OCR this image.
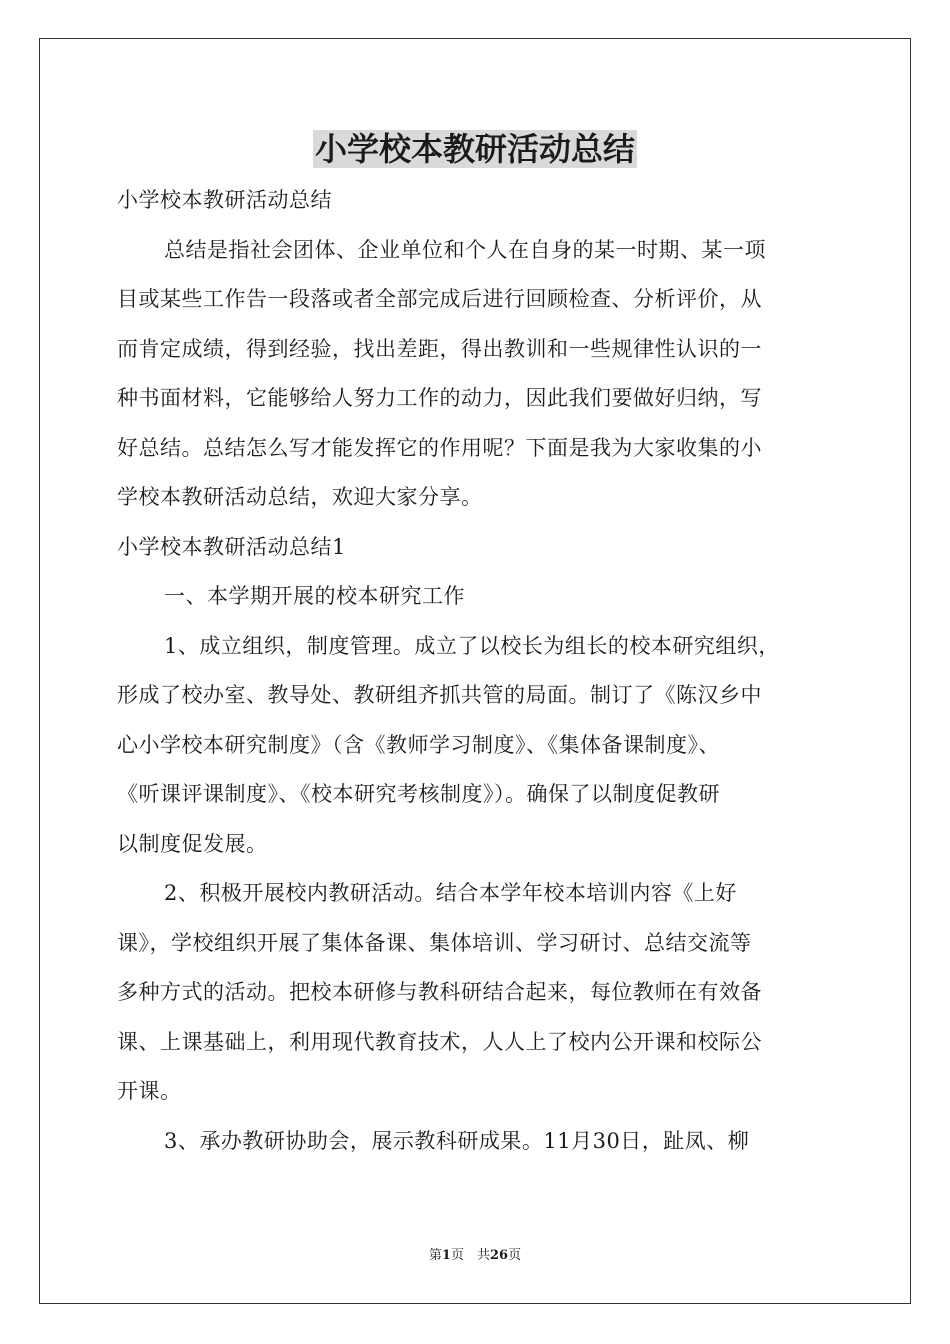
小学校本教研活动总结
小学校本教研活动总结
总结是指社会团体、企业单位和个人在自身的某一时期、某一项
目或某些工作告一段落或者全部完成后进行回顾检查、分析评价，从
而肯定成绩，得到经验，找出差距，得出教训和一些规律性认识的一
种书面材料，它能够给人努力工作的动力，因此我们要做好归纳，写
好总结。总结怎么写才能发挥它的作用呢？下面是我为大家收集的小
学校本教研活动总结，欢迎大家分享。
小学校本教研活动总结1
一、本学期开展的校本研究工作
1、成立组织，制度管理。成立了以校长为组长的校本研究组织，
形成了校办室、教导处、教研组齐抓共管的局面。制订了《陈汉乡中
心小学校本研究制度》（含《教师学习制度》、《集体备课制度》、
《听课评课制度》、《校本研究考核制度》）。确保了以制度促教研
以制度促发展。
2、积极开展校内教研活动。结合本学年校本培训内容《上好
课》，学校组织开展了集体备课、集体培训、学习研讨、总结交流等
多种方式的活动。把校本研修与教科研结合起来，每位教师在有效备
课、上课基础上，利用现代教育技术，人人上了校内公开课和校际公
开课。
3、承办教研协助会，展示教科研成果。11月30日，趾凤、柳
第1页　共26页
